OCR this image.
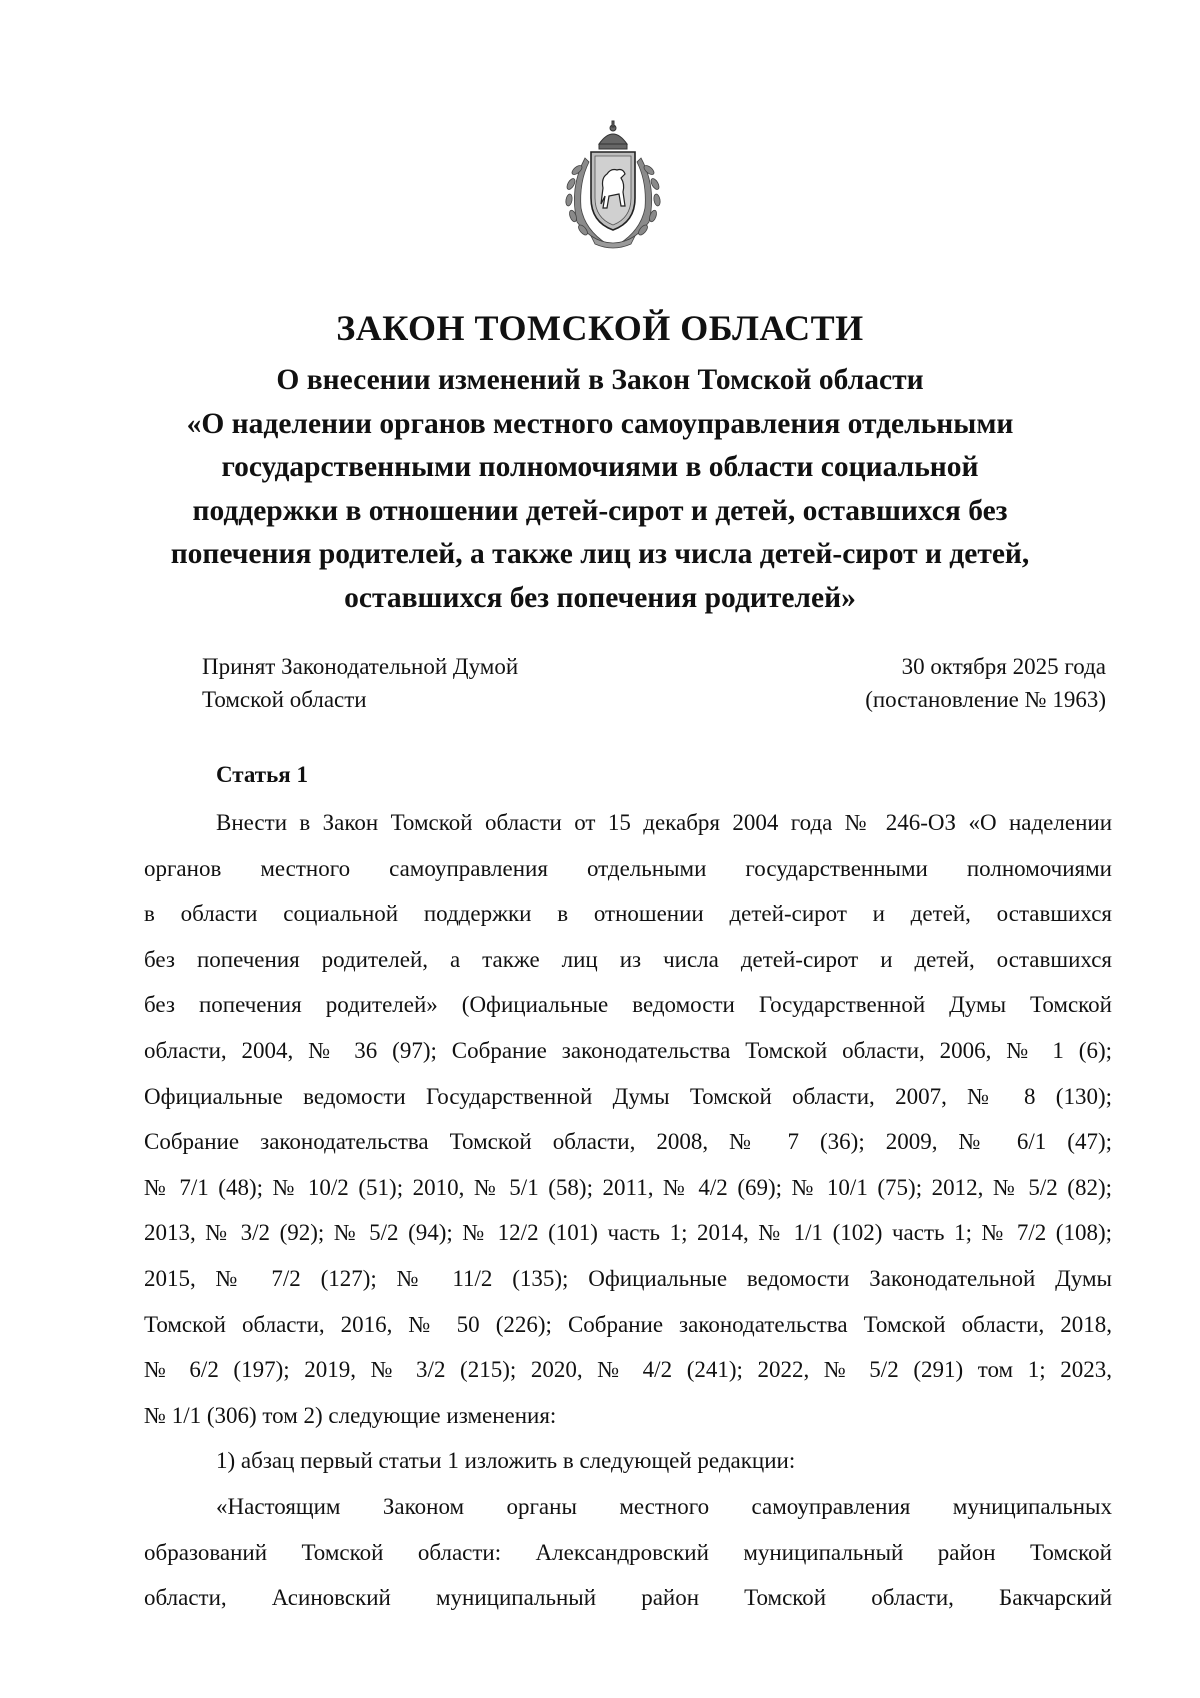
ЗАКОН ТОМСКОЙ ОБЛАСТИ
О внесении изменений в Закон Томской области
«О наделении органов местного самоуправления отдельными
государственными полномочиями в области социальной
поддержки в отношении детей-сирот и детей, оставшихся без
попечения родителей, а также лиц из числа детей-сирот и детей,
оставшихся без попечения родителей»
Принят Законодательной Думой
Томской области
30 октября 2025 года
(постановление № 1963)
Статья 1
Внести в Закон Томской области от 15 декабря 2004 года № 246-ОЗ «О наделении
органов местного самоуправления отдельными государственными полномочиями
в области социальной поддержки в отношении детей-сирот и детей, оставшихся
без попечения родителей, а также лиц из числа детей-сирот и детей, оставшихся
без попечения родителей» (Официальные ведомости Государственной Думы Томской
области, 2004, № 36 (97); Собрание законодательства Томской области, 2006, № 1 (6);
Официальные ведомости Государственной Думы Томской области, 2007, № 8 (130);
Собрание законодательства Томской области, 2008, № 7 (36); 2009, № 6/1 (47);
№ 7/1 (48); № 10/2 (51); 2010, № 5/1 (58); 2011, № 4/2 (69); № 10/1 (75); 2012, № 5/2 (82);
2013, № 3/2 (92); № 5/2 (94); № 12/2 (101) часть 1; 2014, № 1/1 (102) часть 1; № 7/2 (108);
2015, № 7/2 (127); № 11/2 (135); Официальные ведомости Законодательной Думы
Томской области, 2016, № 50 (226); Собрание законодательства Томской области, 2018,
№ 6/2 (197); 2019, № 3/2 (215); 2020, № 4/2 (241); 2022, № 5/2 (291) том 1; 2023,
№ 1/1 (306) том 2) следующие изменения:
1) абзац первый статьи 1 изложить в следующей редакции:
«Настоящим Законом органы местного самоуправления муниципальных
образований Томской области: Александровский муниципальный район Томской
области, Асиновский муниципальный район Томской области, Бакчарский
